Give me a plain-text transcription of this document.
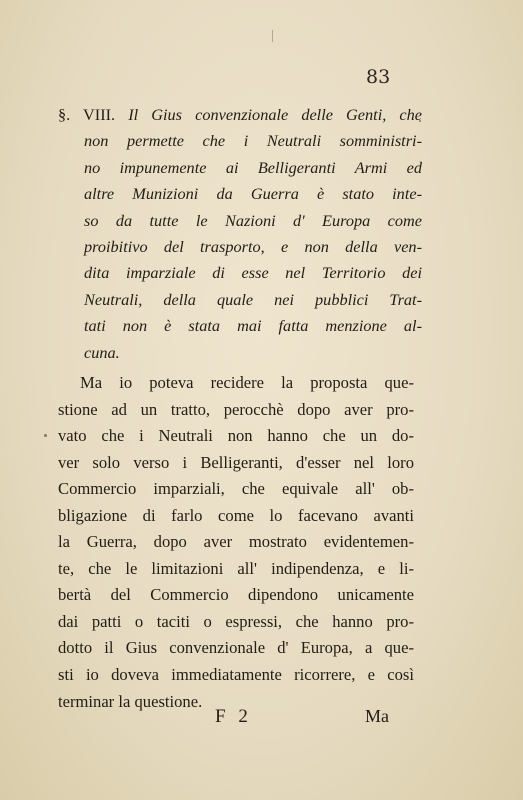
83
§. VIII. Il Gius convenzionale delle Genti, che
non permette che i Neutrali somministri-
no impunemente ai Belligeranti Armi ed
altre Munizioni da Guerra è stato inte-
so da tutte le Nazioni d' Europa come
proibitivo del trasporto, e non della ven-
dita imparziale di esse nel Territorio dei
Neutrali, della quale nei pubblici Trat-
tati non è stata mai fatta menzione al-
cuna.
Ma io poteva recidere la proposta que-
stione ad un tratto, perocchè dopo aver pro-
vato che i Neutrali non hanno che un do-
ver solo verso i Belligeranti, d'esser nel loro
Commercio imparziali, che equivale all' ob-
bligazione di farlo come lo facevano avanti
la Guerra, dopo aver mostrato evidentemen-
te, che le limitazioni all' indipendenza, e li-
bertà del Commercio dipendono unicamente
dai patti o taciti o espressi, che hanno pro-
dotto il Gius convenzionale d' Europa, a que-
sti io doveva immediatamente ricorrere, e così
terminar la questione.
F 2	Ma
